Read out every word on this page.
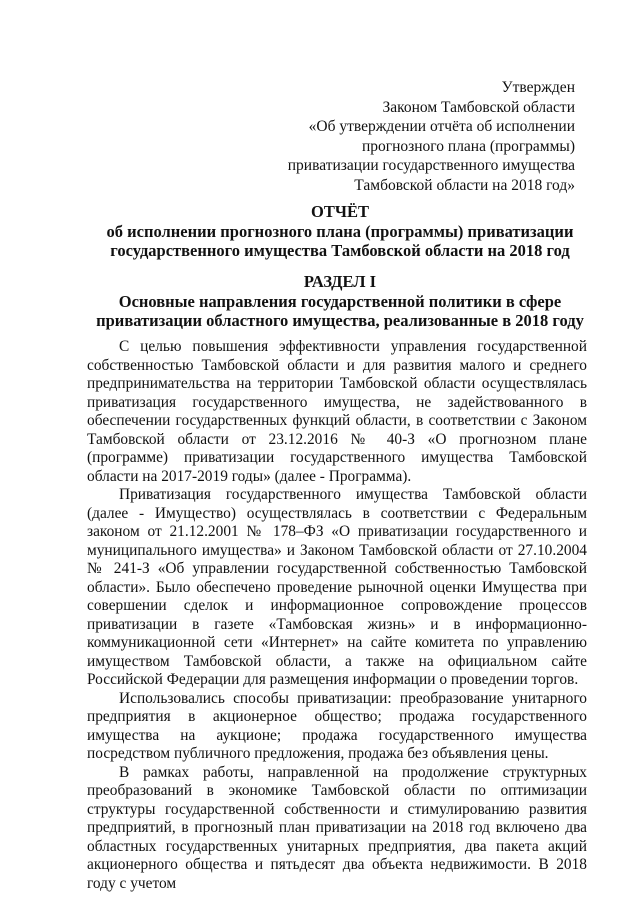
Утвержден
Законом Тамбовской области
«Об утверждении отчёта об исполнении
прогнозного плана (программы)
приватизации государственного имущества
Тамбовской области на 2018 год»
ОТЧЁТ
об исполнении прогнозного плана (программы) приватизации
государственного имущества Тамбовской области на 2018 год
РАЗДЕЛ I
Основные направления государственной политики в сфере
приватизации областного имущества, реализованные в 2018 году

С целью повышения эффективности управления государственной собственностью Тамбовской области и для развития малого и среднего предпринимательства на территории Тамбовской области осуществлялась приватизация государственного имущества, не задействованного в обеспечении государственных функций области, в соответствии с Законом Тамбовской области от 23.12.2016 № 40-З «О прогнозном плане (программе) приватизации государственного имущества Тамбовской области на 2017-2019 годы» (далее - Программа).

Приватизация государственного имущества Тамбовской области (далее - Имущество) осуществлялась в соответствии с Федеральным законом от 21.12.2001 № 178–ФЗ «О приватизации государственного и муниципального имущества» и Законом Тамбовской области от 27.10.2004 № 241-З «Об управлении государственной собственностью Тамбовской области». Было обеспечено проведение рыночной оценки Имущества при совершении сделок и информационное сопровождение процессов приватизации в газете «Тамбовская жизнь» и в информационно-коммуникационной сети «Интернет» на сайте комитета по управлению имуществом Тамбовской области, а также на официальном сайте Российской Федерации для размещения информации о проведении торгов.

Использовались способы приватизации: преобразование унитарного предприятия в акционерное общество; продажа государственного имущества на аукционе; продажа государственного имущества посредством публичного предложения, продажа без объявления цены.

В рамках работы, направленной на продолжение структурных преобразований в экономике Тамбовской области по оптимизации структуры государственной собственности и стимулированию развития предприятий, в прогнозный план приватизации на 2018 год включено два областных государственных унитарных предприятия, два пакета акций акционерного общества и пятьдесят два объекта недвижимости. В 2018 году с учетом
